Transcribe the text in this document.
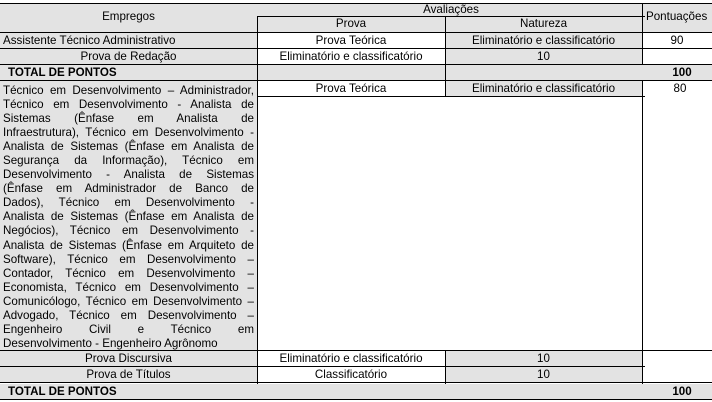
Empregos
Avaliações
Prova	Natureza
Pontuações
Assistente Técnico Administrativo	Prova Teórica	Eliminatório e classificatório	90
Prova de Redação	Eliminatório e classificatório	10
TOTAL DE PONTOS	100
Técnico em Desenvolvimento – Administrador,
Técnico em Desenvolvimento - Analista de
Sistemas (Ênfase em Analista de
Infraestrutura), Técnico em Desenvolvimento -
Analista de Sistemas (Ênfase em Analista de
Segurança da Informação), Técnico em
Desenvolvimento - Analista de Sistemas
(Ênfase em Administrador de Banco de
Dados), Técnico em Desenvolvimento -
Analista de Sistemas (Ênfase em Analista de
Negócios), Técnico em Desenvolvimento -
Analista de Sistemas (Ênfase em Arquiteto de
Software), Técnico em Desenvolvimento –
Contador, Técnico em Desenvolvimento –
Economista, Técnico em Desenvolvimento –
Comunicólogo, Técnico em Desenvolvimento –
Advogado, Técnico em Desenvolvimento –
Engenheiro Civil e Técnico em
Desenvolvimento - Engenheiro Agrônomo
Prova Teórica	Eliminatório e classificatório	80
Prova Discursiva	Eliminatório e classificatório	10
Prova de Títulos	Classificatório	10
TOTAL DE PONTOS	100
